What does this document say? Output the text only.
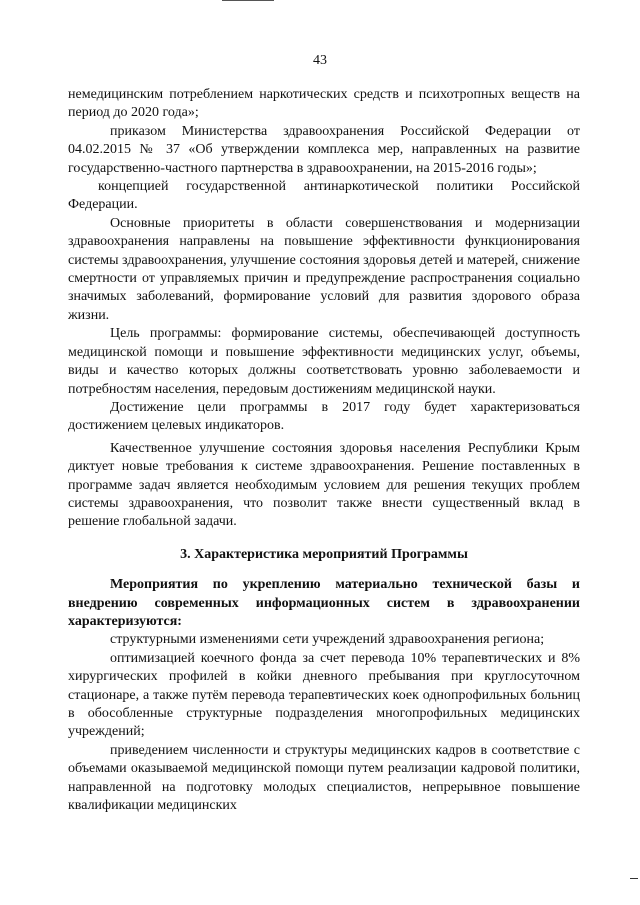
43

немедицинским потреблением наркотических средств и психотропных веществ на период до 2020 года»;

приказом Министерства здравоохранения Российской Федерации от 04.02.2015 № 37 «Об утверждении комплекса мер, направленных на развитие государственно-частного партнерства в здравоохранении, на 2015-2016 годы»;

концепцией государственной антинаркотической политики Российской Федерации.

Основные приоритеты в области совершенствования и модернизации здравоохранения направлены на повышение эффективности функционирования системы здравоохранения, улучшение состояния здоровья детей и матерей, снижение смертности от управляемых причин и предупреждение распространения социально значимых заболеваний, формирование условий для развития здорового образа жизни.

Цель программы: формирование системы, обеспечивающей доступность медицинской помощи и повышение эффективности медицинских услуг, объемы, виды и качество которых должны соответствовать уровню заболеваемости и потребностям населения, передовым достижениям медицинской науки.

Достижение цели программы в 2017 году будет характеризоваться достижением целевых индикаторов.

Качественное улучшение состояния здоровья населения Республики Крым диктует новые требования к системе здравоохранения. Решение поставленных в программе задач является необходимым условием для решения текущих проблем системы здравоохранения, что позволит также внести существенный вклад в решение глобальной задачи.

3. Характеристика мероприятий Программы

Мероприятия по укреплению материально технической базы и внедрению современных информационных систем в здравоохранении характеризуются:

структурными изменениями сети учреждений здравоохранения региона;

оптимизацией коечного фонда за счет перевода 10% терапевтических и 8% хирургических профилей в койки дневного пребывания при круглосуточном стационаре, а также путём перевода терапевтических коек однопрофильных больниц в обособленные структурные подразделения многопрофильных медицинских учреждений;

приведением численности и структуры медицинских кадров в соответствие с объемами оказываемой медицинской помощи путем реализации кадровой политики, направленной на подготовку молодых специалистов, непрерывное повышение квалификации медицинских
